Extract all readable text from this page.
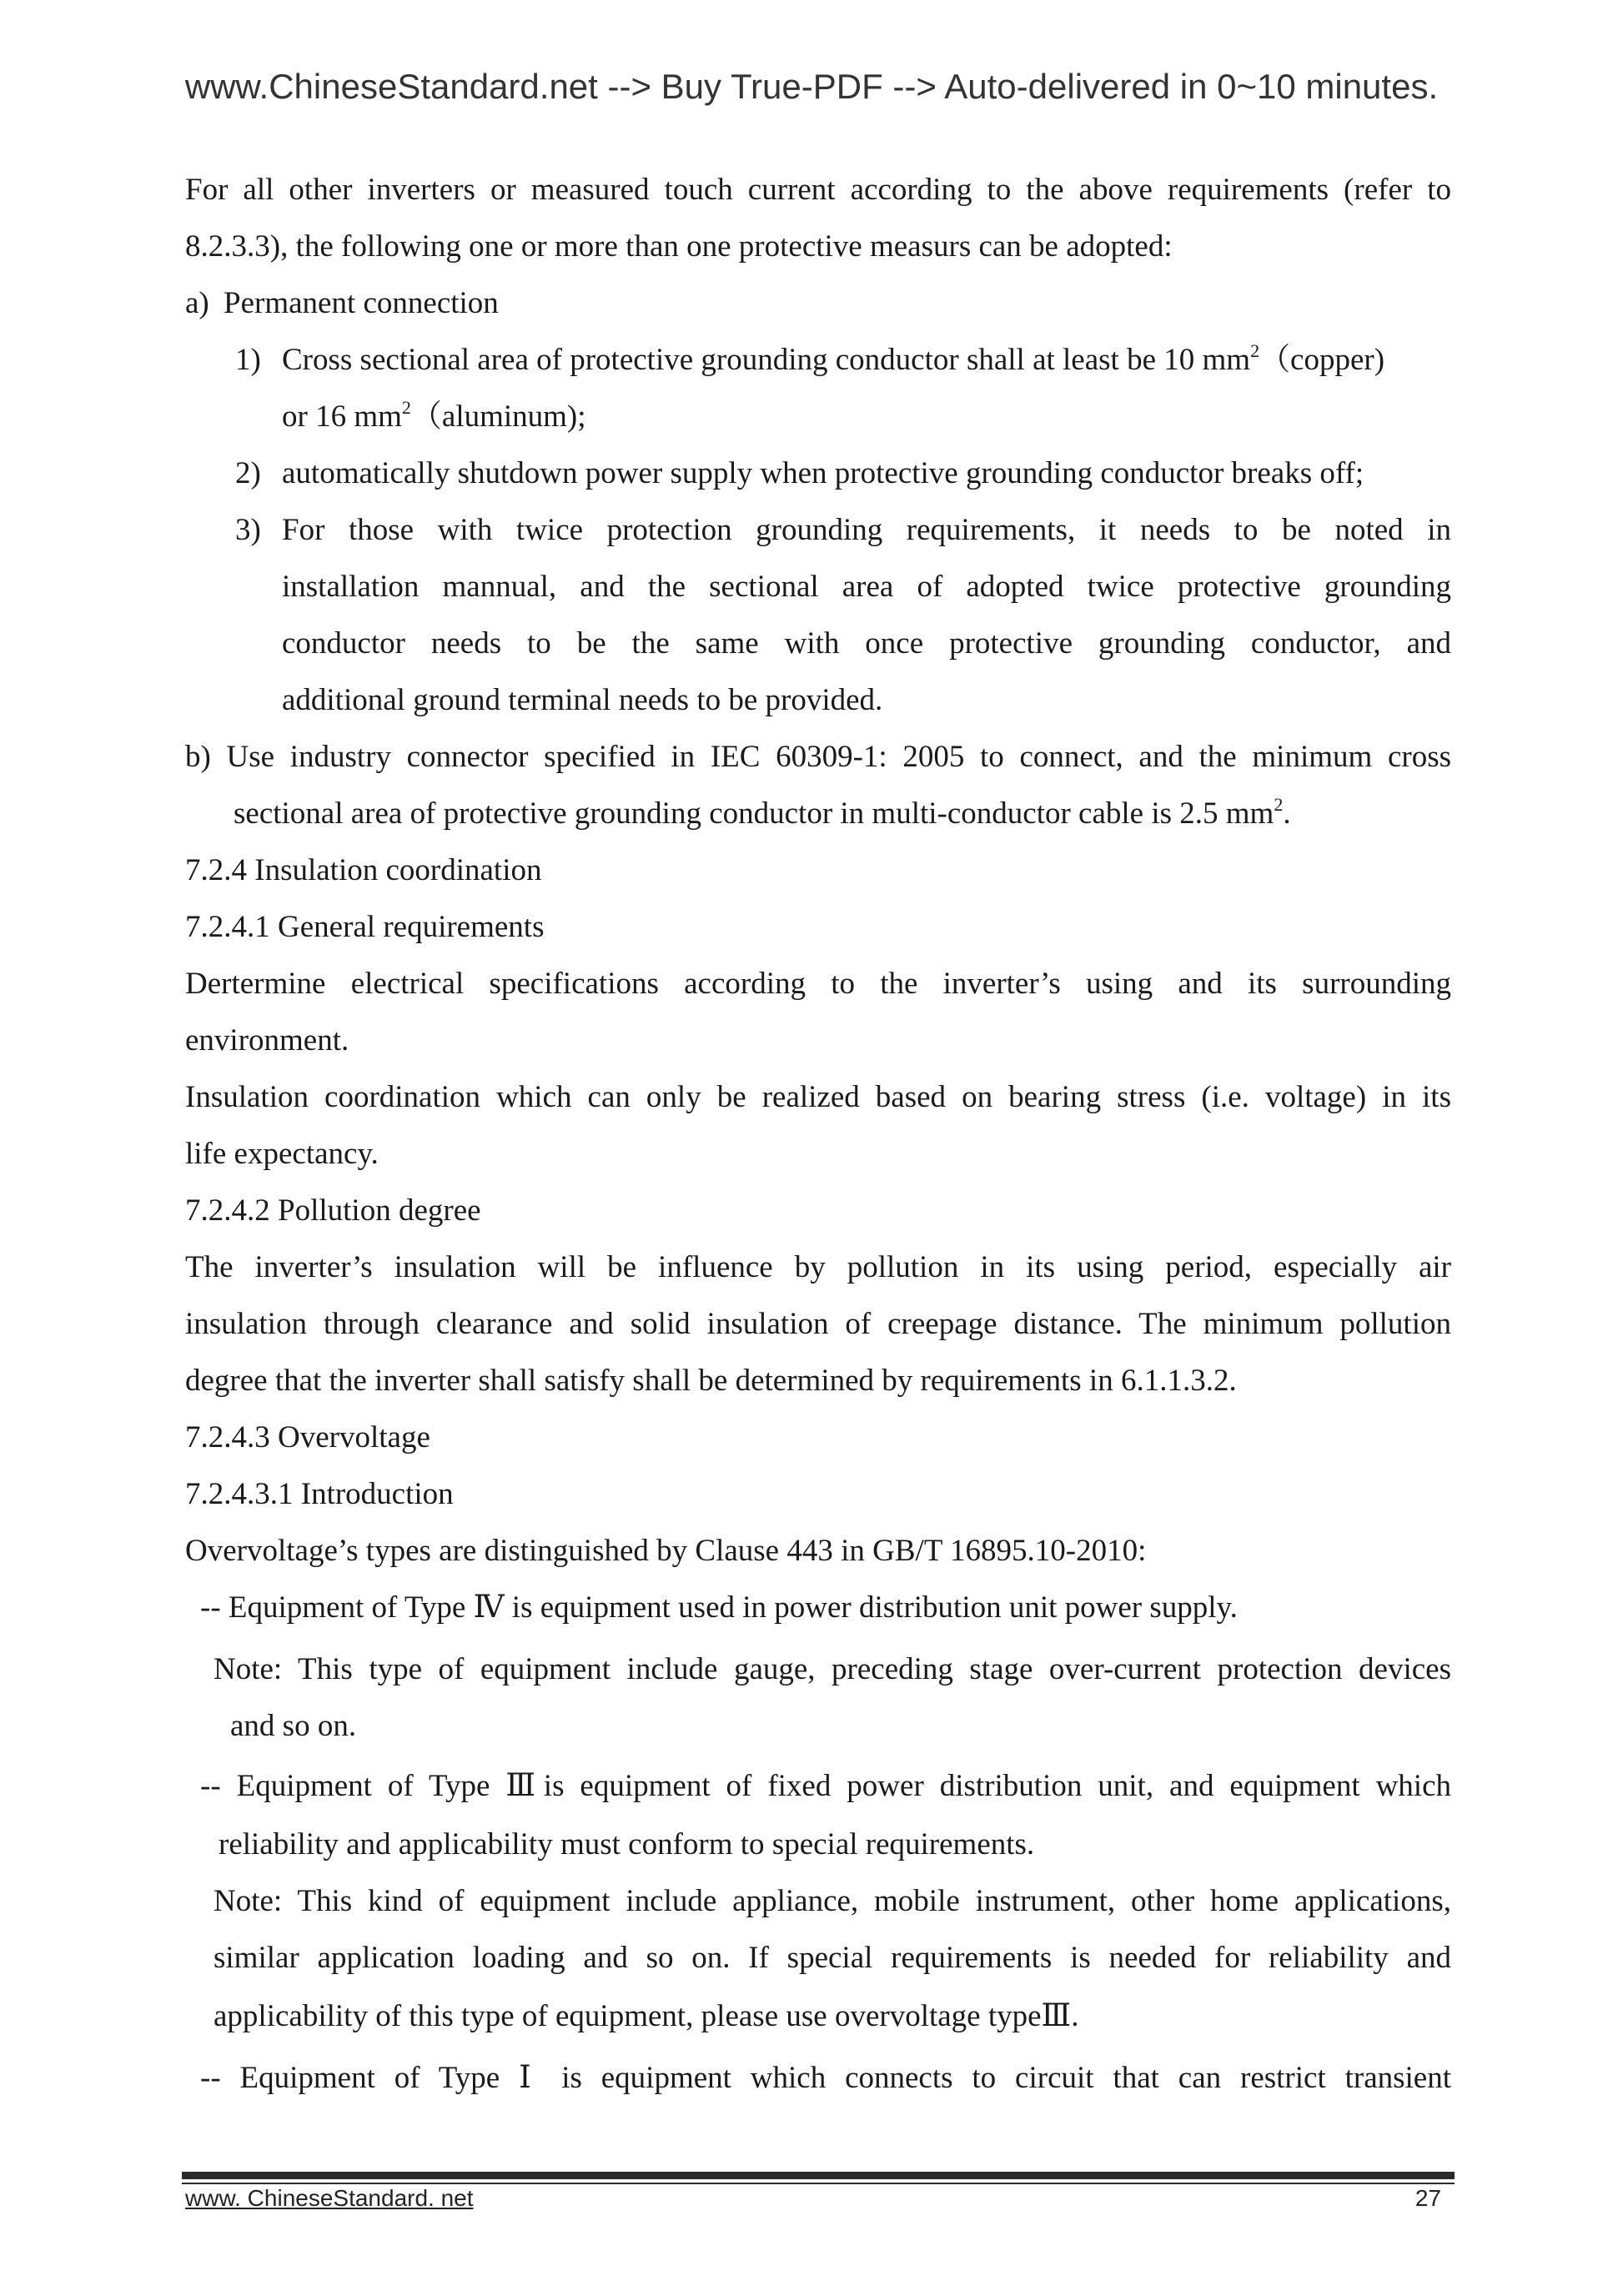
www.ChineseStandard.net --> Buy True-PDF --> Auto-delivered in 0~10 minutes.
For all other inverters or measured touch current according to the above requirements (refer to
8.2.3.3), the following one or more than one protective measurs can be adopted:
a) Permanent connection
1) Cross sectional area of protective grounding conductor shall at least be 10 $mm^2(copper)$
or 16 $mm^2(aluminum)$;
2) automatically shutdown power supply when protective grounding conductor breaks off;
3) For those with twice protection grounding requirements, it needs to be noted in
installation mannual, and the sectional area of adopted twice protective grounding
conductor needs to be the same with once protective grounding conductor, and
additional ground terminal needs to be provided.
b) Use industry connector specified in IEC 60309-1: 2005 to connect, and the minimum cross
sectional area of protective grounding conductor in multi-conductor cable is 2.5 $mm^2$.
7.2.4 Insulation coordination
7.2.4.1 General requirements
Dertermine electrical specifications according to the inverter’s using and its surrounding
environment.
Insulation coordination which can only be realized based on bearing stress (i.e. voltage) in its
life expectancy.
7.2.4.2 Pollution degree
The inverter’s insulation will be influence by pollution in its using period, especially air
insulation through clearance and solid insulation of creepage distance. The minimum pollution
degree that the inverter shall satisfy shall be determined by requirements in 6.1.1.3.2.
7.2.4.3 Overvoltage
7.2.4.3.1 Introduction
Overvoltage’s types are distinguished by Clause 443 in GB/T 16895.10-2010:
-- Equipment of Type Ⅳ is equipment used in power distribution unit power supply.
Note: This type of equipment include gauge, preceding stage over-current protection devices
and so on.
-- Equipment of Type Ⅲis equipment of fixed power distribution unit, and equipment which
reliability and applicability must conform to special requirements.
Note: This kind of equipment include appliance, mobile instrument, other home applications,
similar application loading and so on. If special requirements is needed for reliability and
applicability of this type of equipment, please use overvoltage typeⅢ.
-- Equipment of Type Ⅰ is equipment which connects to circuit that can restrict transient
www. ChineseStandard. net	27
